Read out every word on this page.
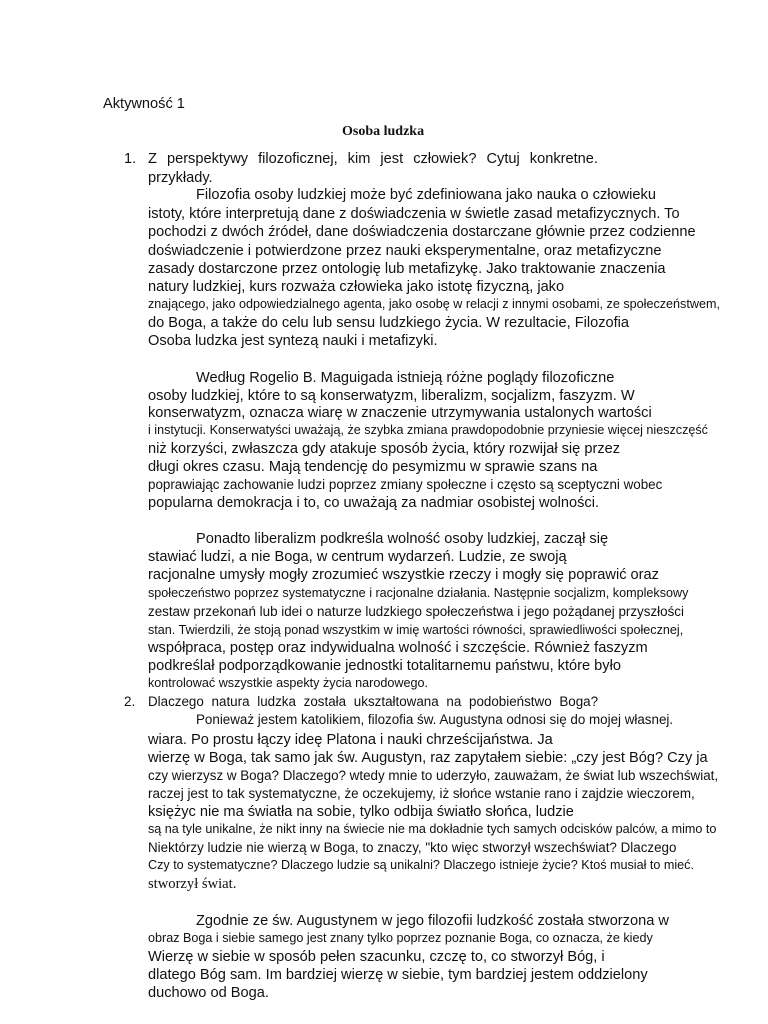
Aktywność 1
Osoba ludzka
1. Z perspektywy filozoficznej, kim jest człowiek? Cytuj konkretne.
przykłady.
Filozofia osoby ludzkiej może być zdefiniowana jako nauka o człowieku
istoty, które interpretują dane z doświadczenia w świetle zasad metafizycznych. To
pochodzi z dwóch źródeł, dane doświadczenia dostarczane głównie przez codzienne
doświadczenie i potwierdzone przez nauki eksperymentalne, oraz metafizyczne
zasady dostarczone przez ontologię lub metafizykę. Jako traktowanie znaczenia
natury ludzkiej, kurs rozważa człowieka jako istotę fizyczną, jako
znającego, jako odpowiedzialnego agenta, jako osobę w relacji z innymi osobami, ze społeczeństwem,
do Boga, a także do celu lub sensu ludzkiego życia. W rezultacie, Filozofia
Osoba ludzka jest syntezą nauki i metafizyki.
Według Rogelio B. Maguigada istnieją różne poglądy filozoficzne
osoby ludzkiej, które to są konserwatyzm, liberalizm, socjalizm, faszyzm. W
konserwatyzm, oznacza wiarę w znaczenie utrzymywania ustalonych wartości
i instytucji. Konserwatyści uważają, że szybka zmiana prawdopodobnie przyniesie więcej nieszczęść
niż korzyści, zwłaszcza gdy atakuje sposób życia, który rozwijał się przez
długi okres czasu. Mają tendencję do pesymizmu w sprawie szans na
poprawiając zachowanie ludzi poprzez zmiany społeczne i często są sceptyczni wobec
popularna demokracja i to, co uważają za nadmiar osobistej wolności.
Ponadto liberalizm podkreśla wolność osoby ludzkiej, zaczął się
stawiać ludzi, a nie Boga, w centrum wydarzeń. Ludzie, ze swoją
racjonalne umysły mogły zrozumieć wszystkie rzeczy i mogły się poprawić oraz
społeczeństwo poprzez systematyczne i racjonalne działania. Następnie socjalizm, kompleksowy
zestaw przekonań lub idei o naturze ludzkiego społeczeństwa i jego pożądanej przyszłości
stan. Twierdzili, że stoją ponad wszystkim w imię wartości równości, sprawiedliwości społecznej,
współpraca, postęp oraz indywidualna wolność i szczęście. Również faszyzm
podkreślał podporządkowanie jednostki totalitarnemu państwu, które było
kontrolować wszystkie aspekty życia narodowego.
2. Dlaczego natura ludzka została ukształtowana na podobieństwo Boga?
Ponieważ jestem katolikiem, filozofia św. Augustyna odnosi się do mojej własnej.
wiara. Po prostu łączy ideę Platona i nauki chrześcijaństwa. Ja
wierzę w Boga, tak samo jak św. Augustyn, raz zapytałem siebie: „czy jest Bóg? Czy ja
czy wierzysz w Boga? Dlaczego? wtedy mnie to uderzyło, zauważam, że świat lub wszechświat,
raczej jest to tak systematyczne, że oczekujemy, iż słońce wstanie rano i zajdzie wieczorem,
księżyc nie ma światła na sobie, tylko odbija światło słońca, ludzie
są na tyle unikalne, że nikt inny na świecie nie ma dokładnie tych samych odcisków palców, a mimo to
Niektórzy ludzie nie wierzą w Boga, to znaczy, "kto więc stworzył wszechświat? Dlaczego
Czy to systematyczne? Dlaczego ludzie są unikalni? Dlaczego istnieje życie? Ktoś musiał to mieć.
stworzył świat.
Zgodnie ze św. Augustynem w jego filozofii ludzkość została stworzona w
obraz Boga i siebie samego jest znany tylko poprzez poznanie Boga, co oznacza, że kiedy
Wierzę w siebie w sposób pełen szacunku, czczę to, co stworzył Bóg, i
dlatego Bóg sam. Im bardziej wierzę w siebie, tym bardziej jestem oddzielony
duchowo od Boga.
